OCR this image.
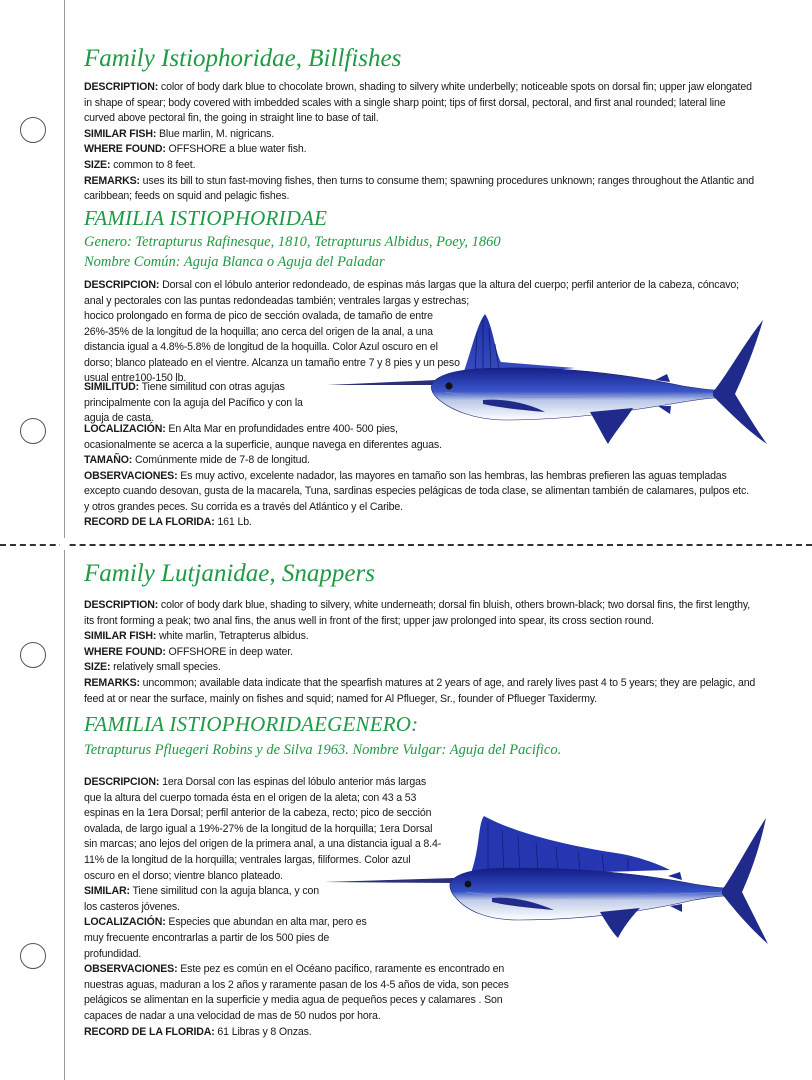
Family Istiophoridae, Billfishes
DESCRIPTION: color of body dark blue to chocolate brown, shading to silvery white underbelly; noticeable spots on dorsal fin; upper jaw elongated in shape of spear; body covered with imbedded scales with a single sharp point; tips of first dorsal, pectoral, and first anal rounded; lateral line curved above pectoral fin, the going in straight line to base of tail.
SIMILAR FISH: Blue marlin, M. nigricans.
WHERE FOUND: OFFSHORE a blue water fish.
SIZE: common to 8 feet.
REMARKS: uses its bill to stun fast-moving fishes, then turns to consume them; spawning procedures unknown; ranges throughout the Atlantic and caribbean; feeds on squid and pelagic fishes.
FAMILIA ISTIOPHORIDAE

Genero: Tetrapturus Rafinesque, 1810, Tetrapturus Albidus, Poey, 1860

Nombre Común: Aguja Blanca o Aguja del Paladar

DESCRIPCION: Dorsal con el lóbulo anterior redondeado, de espinas más largas que la altura del cuerpo; perfil anterior de la cabeza, cóncavo;
anal y pectorales con las puntas redondeadas también; ventrales largas y estrechas;
hocico prolongado en forma de pico de sección ovalada, de tamaño de entre 26%-35% de la longitud de la hoquilla; ano cerca del origen de la anal, a una distancia igual a 4.8%-5.8% de longitud de la hoquilla. Color Azul oscuro en el dorso; blanco plateado en el vientre. Alcanza un tamaño entre 7 y 8 pies y un peso usual entre100-150 lb.
SIMILITUD: Tiene similitud con otras agujas principalmente con la aguja del Pacífico y con la aguja de casta.
LOCALIZACIÓN: En Alta Mar en profundidades entre 400- 500 pies,
ocasionalmente se acerca a la superficie, aunque navega en diferentes aguas.
TAMAÑO: Comúnmente mide de 7-8 de longitud.
OBSERVACIONES: Es muy activo, excelente nadador, las mayores en tamaño son las hembras, las hembras prefieren las aguas templadas excepto cuando desovan, gusta de la macarela, Tuna, sardinas especies pelágicas de toda clase, se alimentan también de calamares, pulpos etc. y otros grandes peces. Su corrida es a través del Atlántico y el Caribe.
RECORD DE LA FLORIDA: 161 Lb.
Family Lutjanidae, Snappers
DESCRIPTION: color of body dark blue, shading to silvery, white underneath; dorsal fin bluish, others brown-black; two dorsal fins, the first lengthy, its front forming a peak; two anal fins, the anus well in front of the first; upper jaw prolonged into spear, its cross section round.
SIMILAR FISH: white marlin, Tetrapterus albidus.
WHERE FOUND: OFFSHORE in deep water.
SIZE: relatively small species.
REMARKS: uncommon; available data indicate that the spearfish matures at 2 years of age, and rarely lives past 4 to 5 years; they are pelagic, and feed at or near the surface, mainly on fishes and squid; named for Al Pflueger, Sr., founder of Pflueger Taxidermy.
FAMILIA ISTIOPHORIDAEGENERO:

Tetrapturus Pfluegeri Robins y de Silva 1963. Nombre Vulgar: Aguja del Pacifico.

DESCRIPCION: 1era Dorsal con las espinas del lóbulo anterior más largas que la altura del cuerpo tomada ésta en el origen de la aleta; con 43 a 53 espinas en la 1era Dorsal; perfil anterior de la cabeza, recto; pico de sección ovalada, de largo igual a 19%-27% de la longitud de la horquilla; 1era Dorsal sin marcas; ano lejos del origen de la primera anal, a una distancia igual a 8.4-11% de la longitud de la horquilla; ventrales largas, filiformes. Color azul oscuro en el dorso; vientre blanco plateado.
SIMILAR: Tiene similitud con la aguja blanca, y con los casteros jóvenes.
LOCALIZACIÓN: Especies que abundan en alta mar, pero es muy frecuente encontrarlas a partir de los 500 pies de profundidad.
OBSERVACIONES: Este pez es común en el Océano pacifico, raramente es encontrado en nuestras aguas, maduran a los 2 años y raramente pasan de los 4-5 años de vida, son peces pelágicos se alimentan en la superficie y media agua de pequeños peces y calamares . Son capaces de nadar a una velocidad de mas de 50 nudos por hora.
RECORD DE LA FLORIDA: 61 Libras y 8 Onzas.
